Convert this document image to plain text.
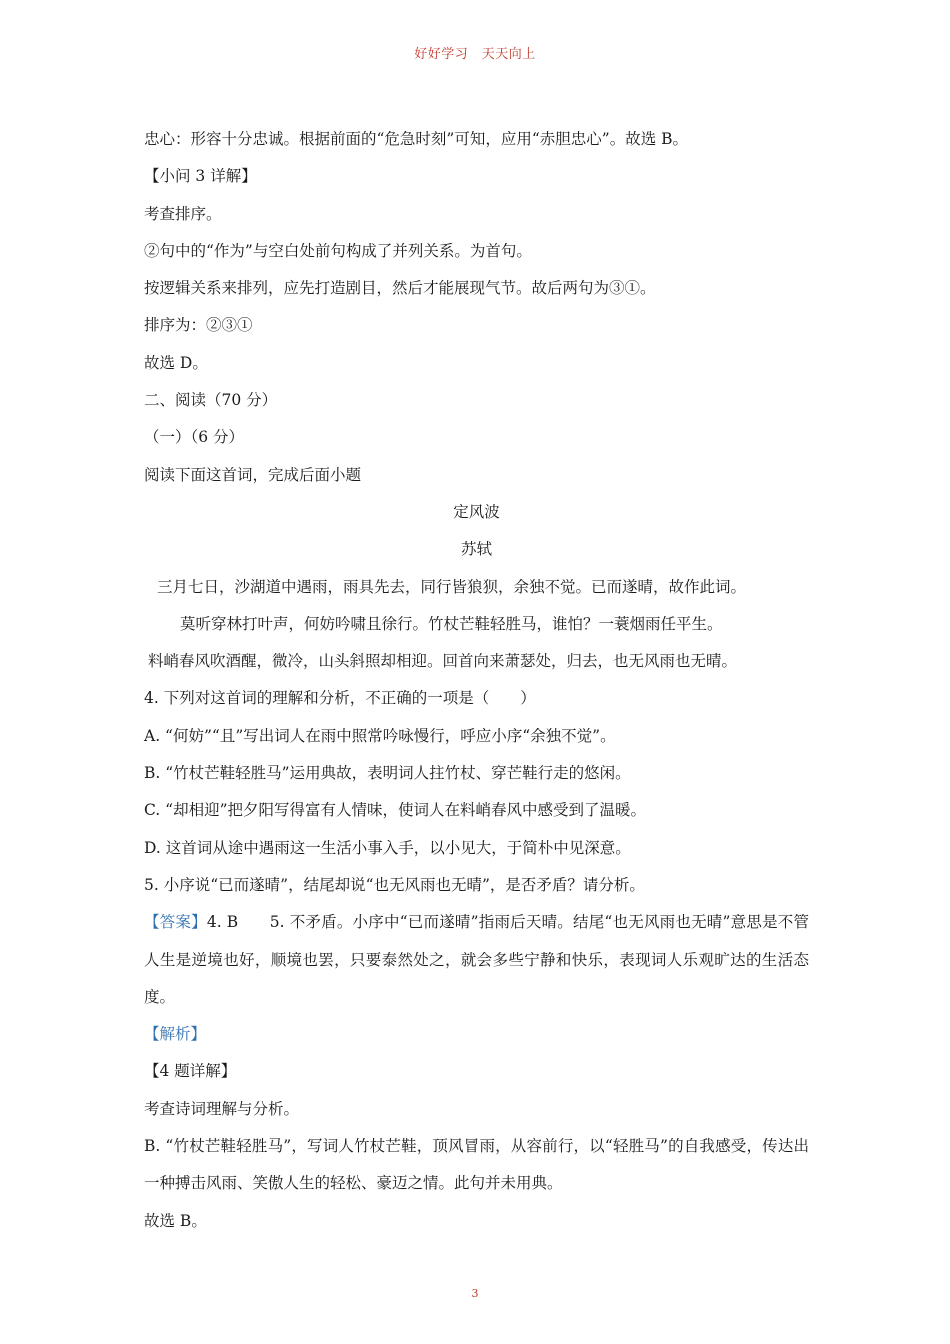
好好学习　天天向上
忠心：形容十分忠诚。根据前面的“危急时刻”可知，应用“赤胆忠心”。故选 B。
【小问 3 详解】
考查排序。
②句中的“作为”与空白处前句构成了并列关系。为首句。
按逻辑关系来排列，应先打造剧目，然后才能展现气节。故后两句为③①。
排序为：②③①
故选 D。
二、阅读（70 分）
（一）（6 分）
阅读下面这首词，完成后面小题
定风波
苏轼
三月七日，沙湖道中遇雨，雨具先去，同行皆狼狈，余独不觉。已而遂晴，故作此词。
莫听穿林打叶声，何妨吟啸且徐行。竹杖芒鞋轻胜马，谁怕？一蓑烟雨任平生。
料峭春风吹酒醒，微冷，山头斜照却相迎。回首向来萧瑟处，归去，也无风雨也无晴。
4. 下列对这首词的理解和分析，不正确的一项是（　　）
A. “何妨”“且”写出词人在雨中照常吟咏慢行，呼应小序“余独不觉”。
B. “竹杖芒鞋轻胜马”运用典故，表明词人拄竹杖、穿芒鞋行走的悠闲。
C. “却相迎”把夕阳写得富有人情味，使词人在料峭春风中感受到了温暖。
D. 这首词从途中遇雨这一生活小事入手，以小见大，于简朴中见深意。
5. 小序说“已而遂晴”，结尾却说“也无风雨也无晴”，是否矛盾？请分析。
【答案】4. B　　5. 不矛盾。小序中“已而遂晴”指雨后天晴。结尾“也无风雨也无晴”意思是不管人生是逆境也好，顺境也罢，只要泰然处之，就会多些宁静和快乐，表现词人乐观旷达的生活态度。
【解析】
【4 题详解】
考查诗词理解与分析。
B. “竹杖芒鞋轻胜马”，写词人竹杖芒鞋，顶风冒雨，从容前行，以“轻胜马”的自我感受，传达出一种搏击风雨、笑傲人生的轻松、豪迈之情。此句并未用典。
故选 B。
3
